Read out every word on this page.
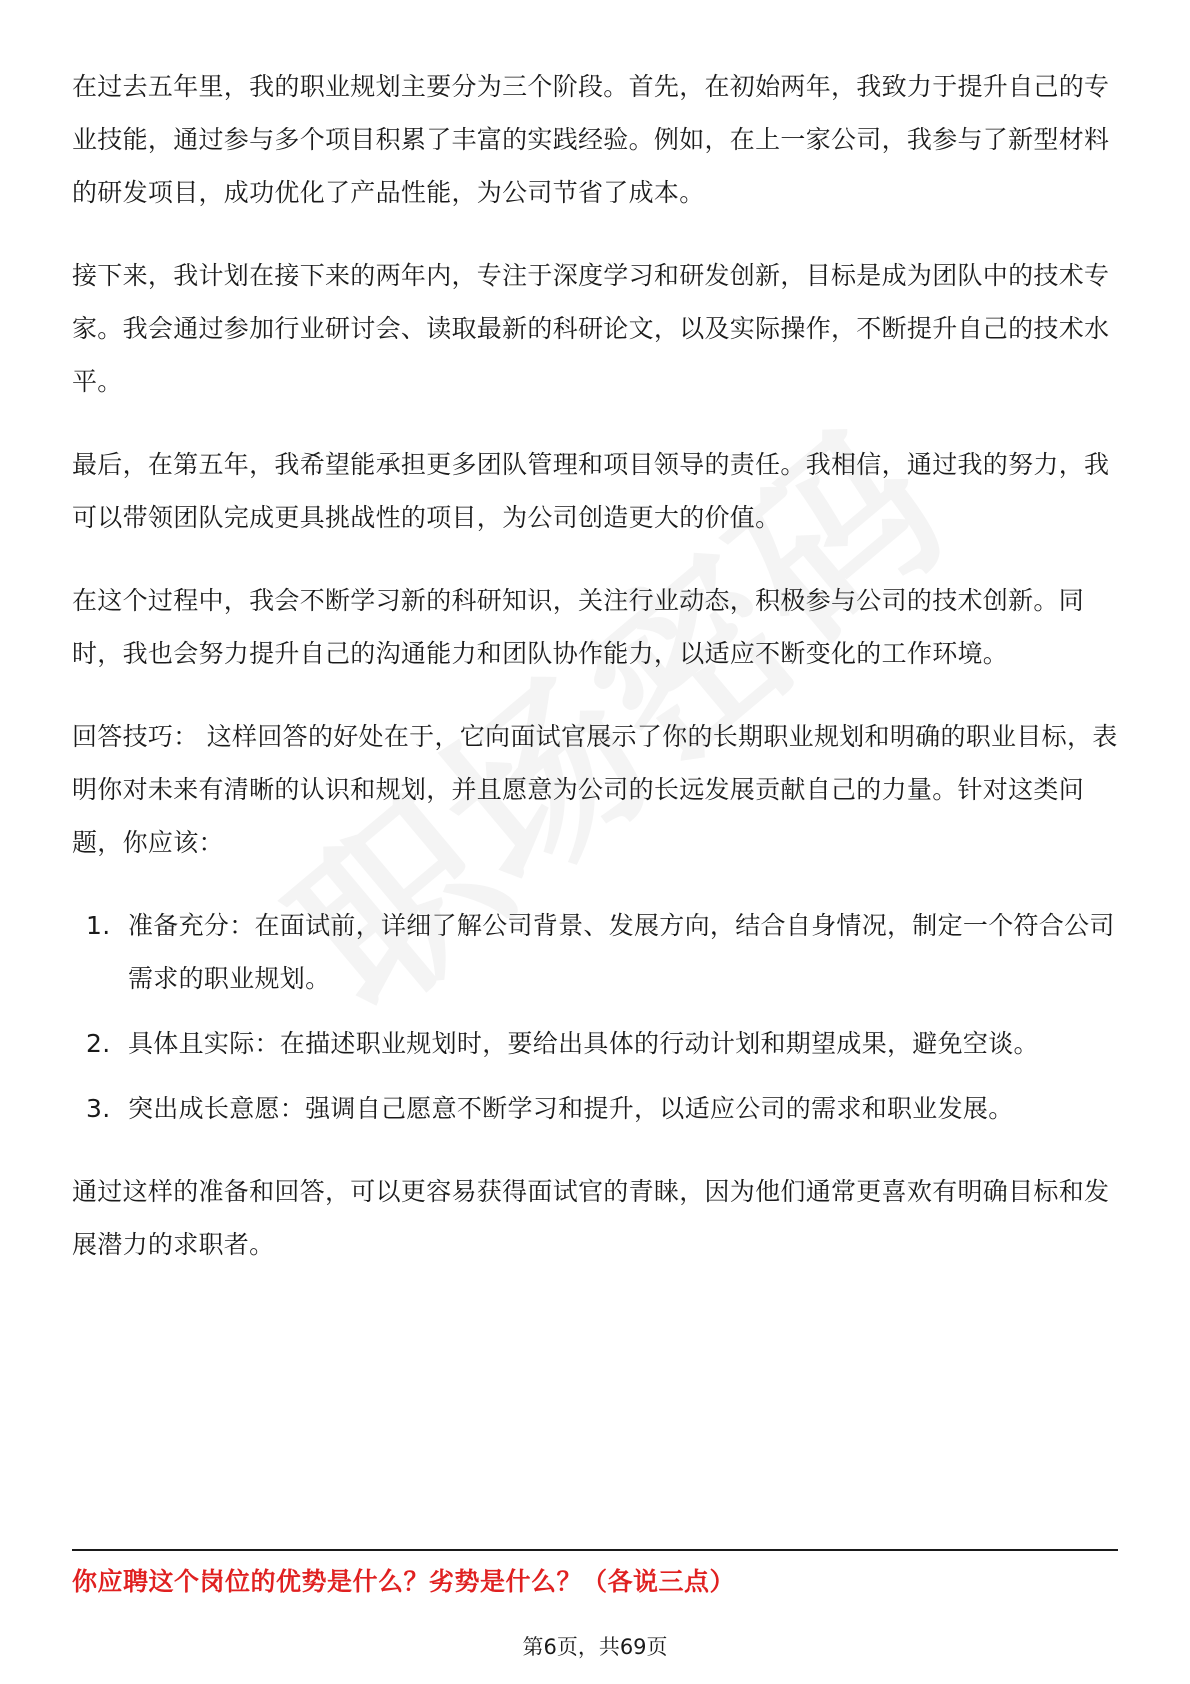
在过去五年里，我的职业规划主要分为三个阶段。首先，在初始两年，我致力于提升自己的专业技能，通过参与多个项目积累了丰富的实践经验。例如，在上一家公司，我参与了新型材料的研发项目，成功优化了产品性能，为公司节省了成本。

接下来，我计划在接下来的两年内，专注于深度学习和研发创新，目标是成为团队中的技术专家。我会通过参加行业研讨会、读取最新的科研论文，以及实际操作，不断提升自己的技术水平。

最后，在第五年，我希望能承担更多团队管理和项目领导的责任。我相信，通过我的努力，我可以带领团队完成更具挑战性的项目，为公司创造更大的价值。

在这个过程中，我会不断学习新的科研知识，关注行业动态，积极参与公司的技术创新。同时，我也会努力提升自己的沟通能力和团队协作能力，以适应不断变化的工作环境。

回答技巧： 这样回答的好处在于，它向面试官展示了你的长期职业规划和明确的职业目标，表明你对未来有清晰的认识和规划，并且愿意为公司的长远发展贡献自己的力量。针对这类问题，你应该：

1. 准备充分：在面试前，详细了解公司背景、发展方向，结合自身情况，制定一个符合公司需求的职业规划。
2. 具体且实际：在描述职业规划时，要给出具体的行动计划和期望成果，避免空谈。
3. 突出成长意愿：强调自己愿意不断学习和提升，以适应公司的需求和职业发展。

通过这样的准备和回答，可以更容易获得面试官的青睐，因为他们通常更喜欢有明确目标和发展潜力的求职者。

你应聘这个岗位的优势是什么？劣势是什么？（各说三点）
第6页，共69页
